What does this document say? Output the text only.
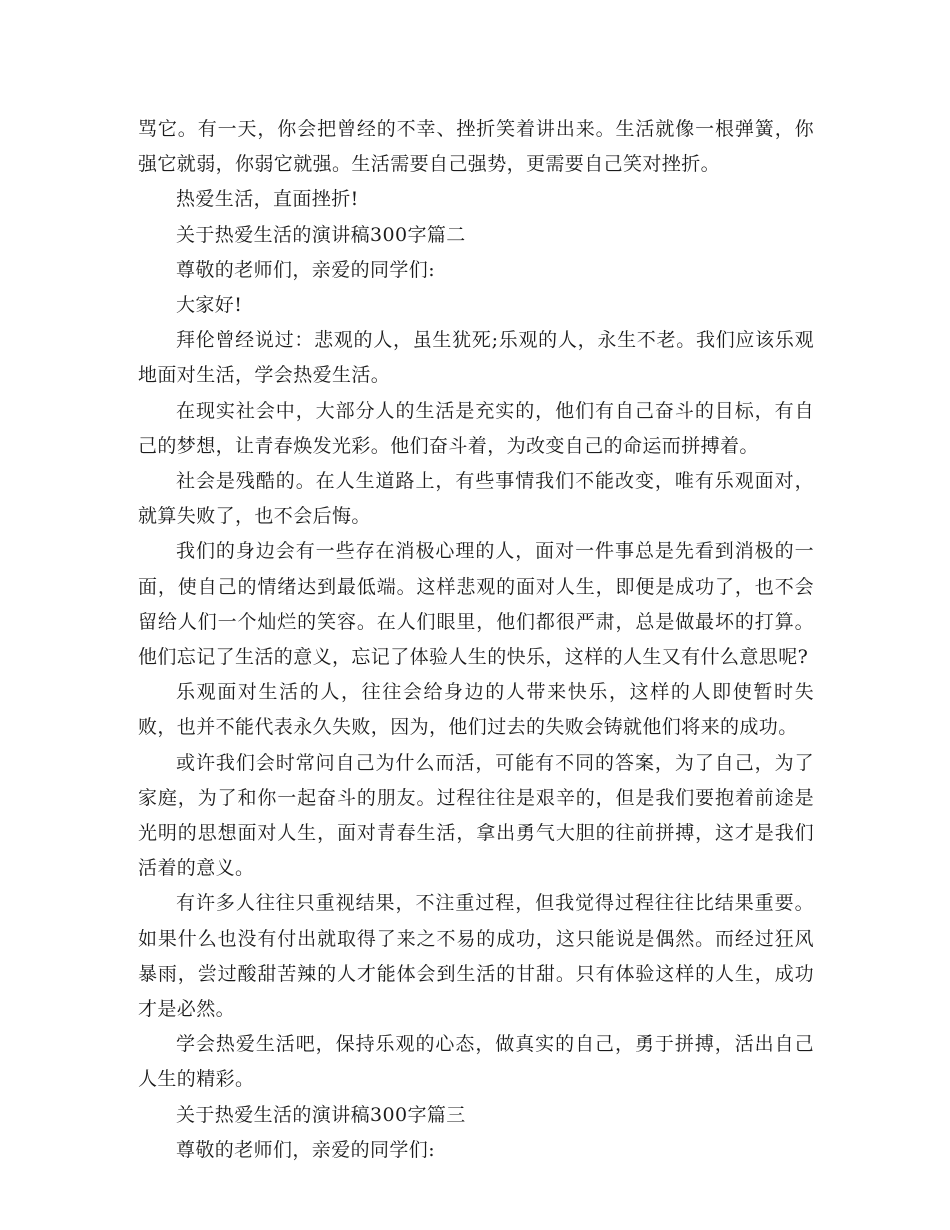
骂它。有一天，你会把曾经的不幸、挫折笑着讲出来。生活就像一根弹簧，你强它就弱，你弱它就强。生活需要自己强势，更需要自己笑对挫折。

热爱生活，直面挫折!

关于热爱生活的演讲稿300字篇二

尊敬的老师们，亲爱的同学们:

大家好!

拜伦曾经说过：悲观的人，虽生犹死;乐观的人，永生不老。我们应该乐观地面对生活，学会热爱生活。

在现实社会中，大部分人的生活是充实的，他们有自己奋斗的目标，有自己的梦想，让青春焕发光彩。他们奋斗着，为改变自己的命运而拼搏着。

社会是残酷的。在人生道路上，有些事情我们不能改变，唯有乐观面对，就算失败了，也不会后悔。

我们的身边会有一些存在消极心理的人，面对一件事总是先看到消极的一面，使自己的情绪达到最低端。这样悲观的面对人生，即便是成功了，也不会留给人们一个灿烂的笑容。在人们眼里，他们都很严肃，总是做最坏的打算。他们忘记了生活的意义，忘记了体验人生的快乐，这样的人生又有什么意思呢?

乐观面对生活的人，往往会给身边的人带来快乐，这样的人即使暂时失败，也并不能代表永久失败，因为，他们过去的失败会铸就他们将来的成功。

或许我们会时常问自己为什么而活，可能有不同的答案，为了自己，为了家庭，为了和你一起奋斗的朋友。过程往往是艰辛的，但是我们要抱着前途是光明的思想面对人生，面对青春生活，拿出勇气大胆的往前拼搏，这才是我们活着的意义。

有许多人往往只重视结果，不注重过程，但我觉得过程往往比结果重要。如果什么也没有付出就取得了来之不易的成功，这只能说是偶然。而经过狂风暴雨，尝过酸甜苦辣的人才能体会到生活的甘甜。只有体验这样的人生，成功才是必然。

学会热爱生活吧，保持乐观的心态，做真实的自己，勇于拼搏，活出自己人生的精彩。

关于热爱生活的演讲稿300字篇三

尊敬的老师们，亲爱的同学们:
